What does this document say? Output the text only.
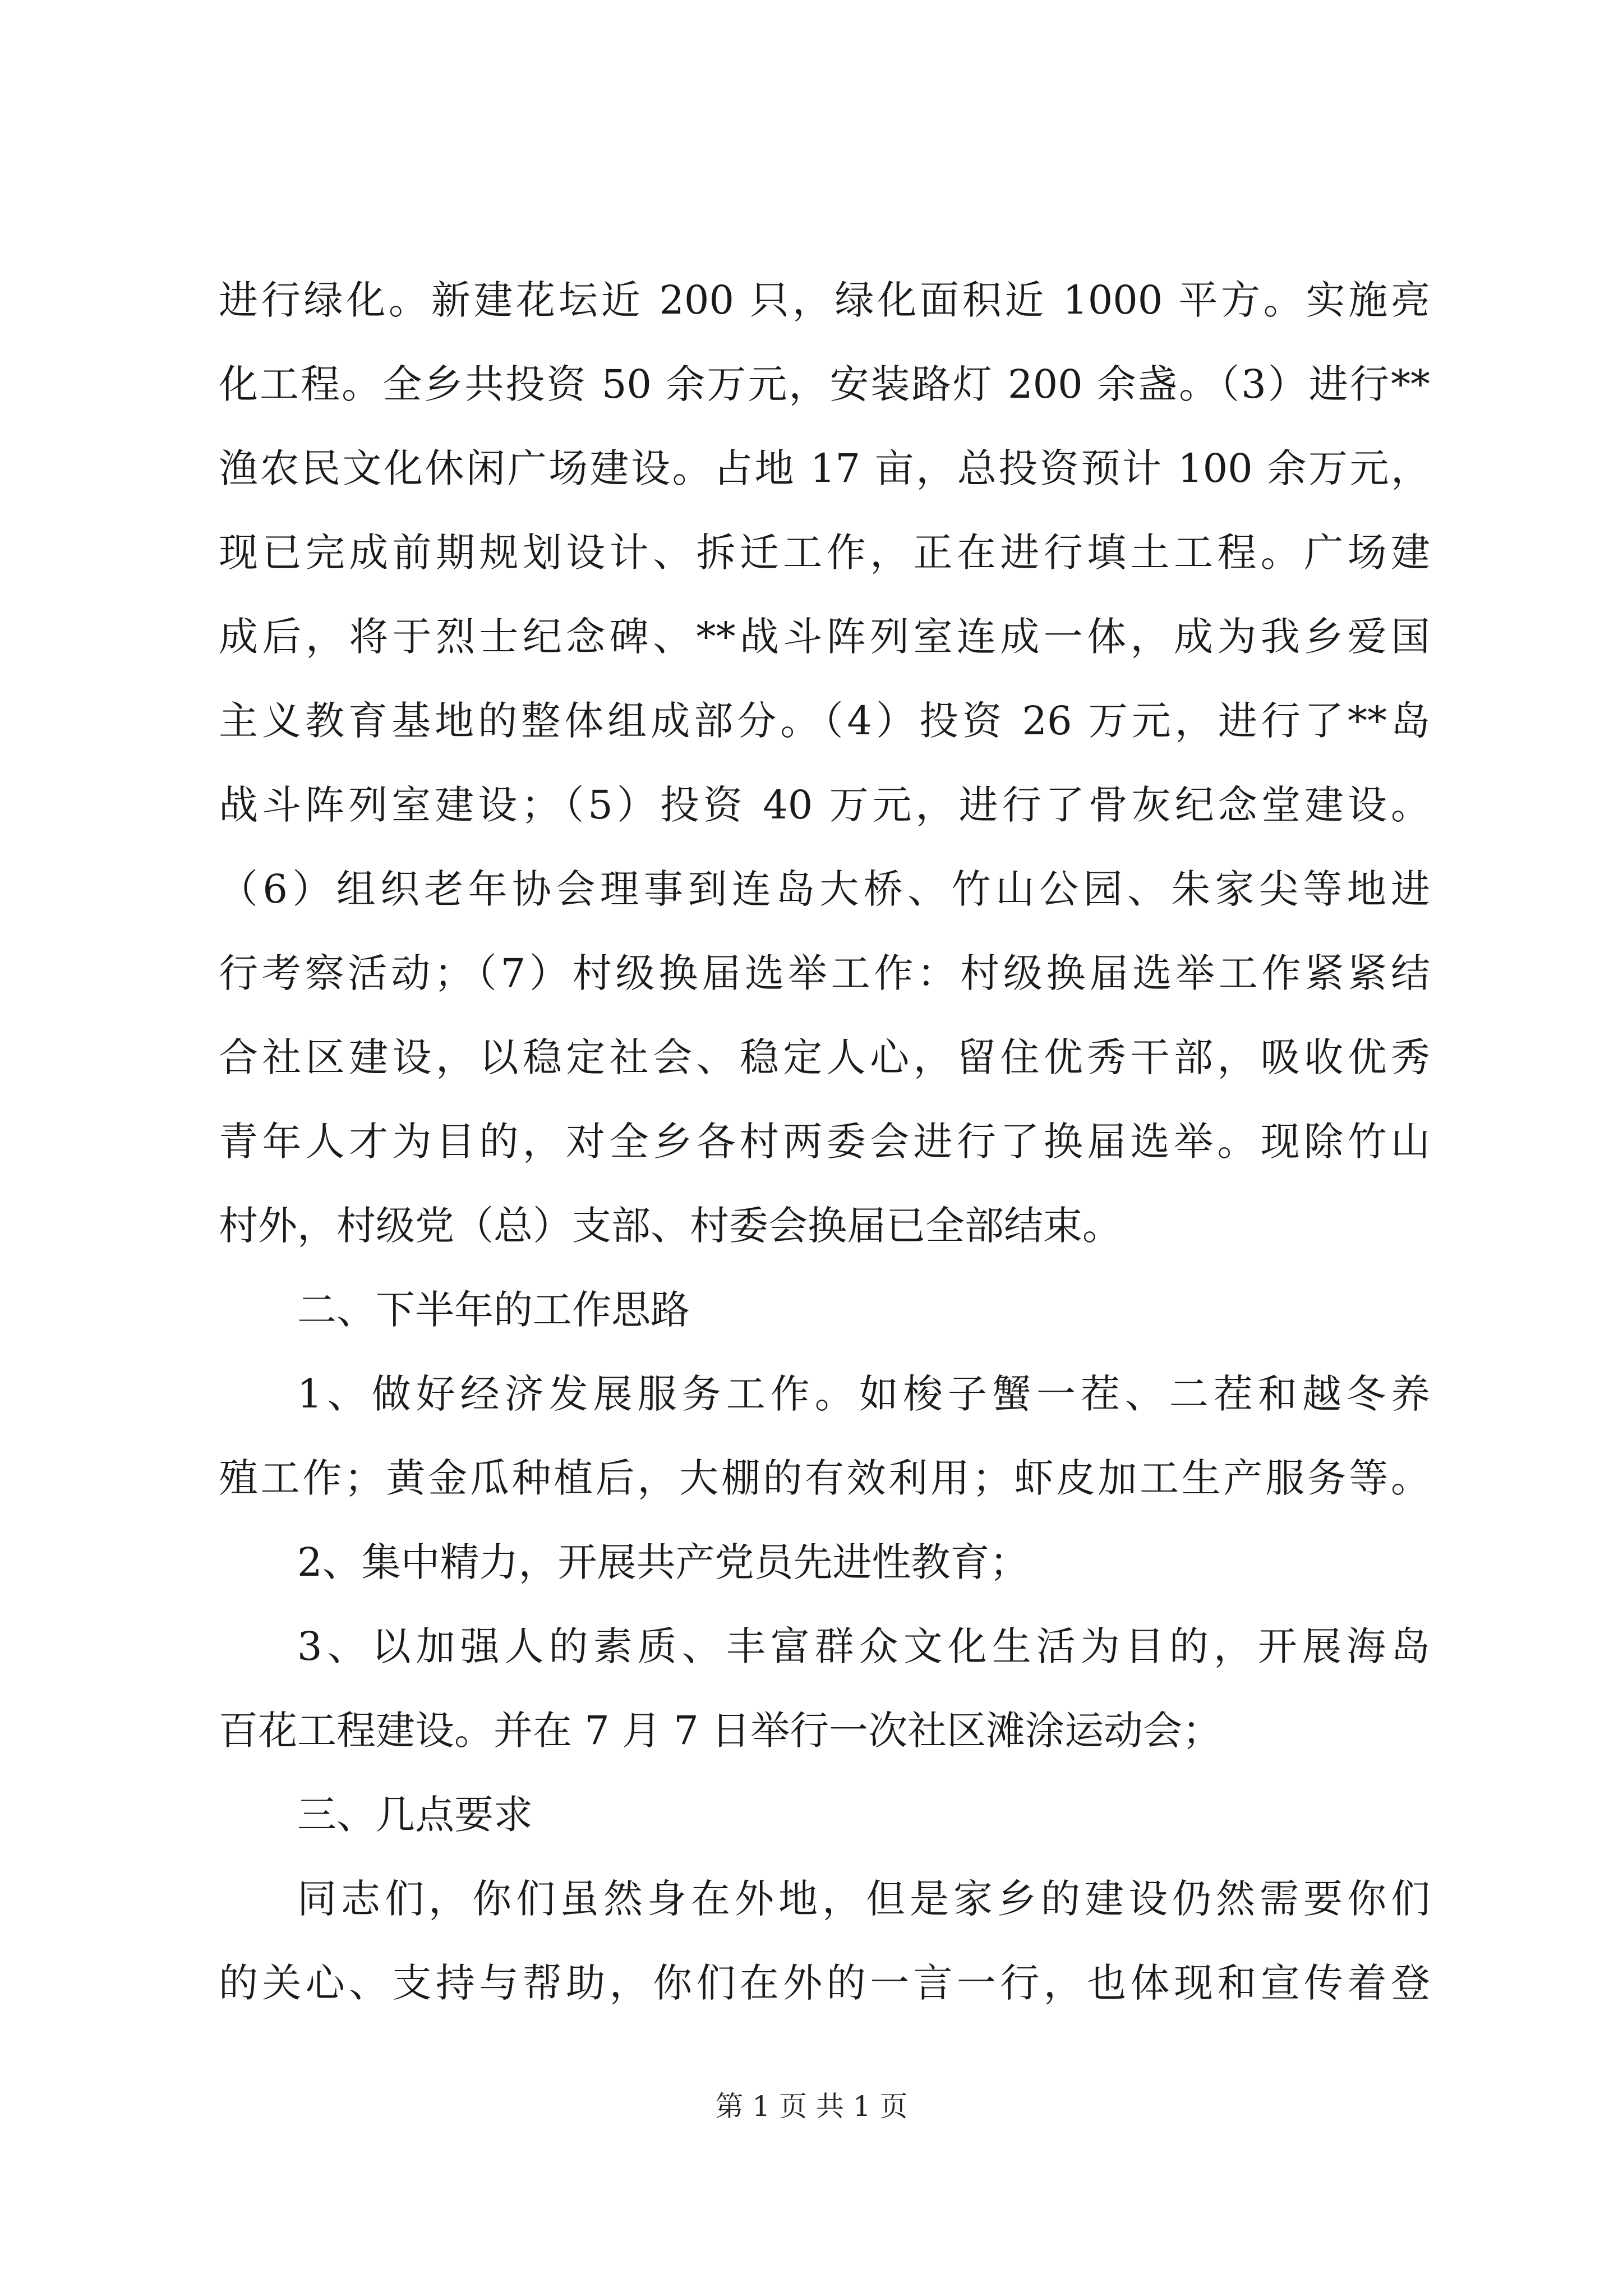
进行绿化。新建花坛近 200 只，绿化面积近 1000 平方。实施亮
化工程。全乡共投资 50 余万元，安装路灯 200 余盏。（3）进行**
渔农民文化休闲广场建设。占地 17 亩，总投资预计 100 余万元，
现已完成前期规划设计、拆迁工作，正在进行填土工程。广场建
成后，将于烈士纪念碑、**战斗阵列室连成一体，成为我乡爱国
主义教育基地的整体组成部分。（4）投资 26 万元，进行了**岛
战斗阵列室建设；（5）投资 40 万元，进行了骨灰纪念堂建设。
（6）组织老年协会理事到连岛大桥、竹山公园、朱家尖等地进
行考察活动；（7）村级换届选举工作：村级换届选举工作紧紧结
合社区建设，以稳定社会、稳定人心，留住优秀干部，吸收优秀
青年人才为目的，对全乡各村两委会进行了换届选举。现除竹山
村外，村级党（总）支部、村委会换届已全部结束。
二、下半年的工作思路
1、做好经济发展服务工作。如梭子蟹一茬、二茬和越冬养
殖工作；黄金瓜种植后，大棚的有效利用；虾皮加工生产服务等。
2、集中精力，开展共产党员先进性教育；
3、以加强人的素质、丰富群众文化生活为目的，开展海岛
百花工程建设。并在 7 月 7 日举行一次社区滩涂运动会；
三、几点要求
同志们，你们虽然身在外地，但是家乡的建设仍然需要你们
的关心、支持与帮助，你们在外的一言一行，也体现和宣传着登
第 1 页 共 1 页
